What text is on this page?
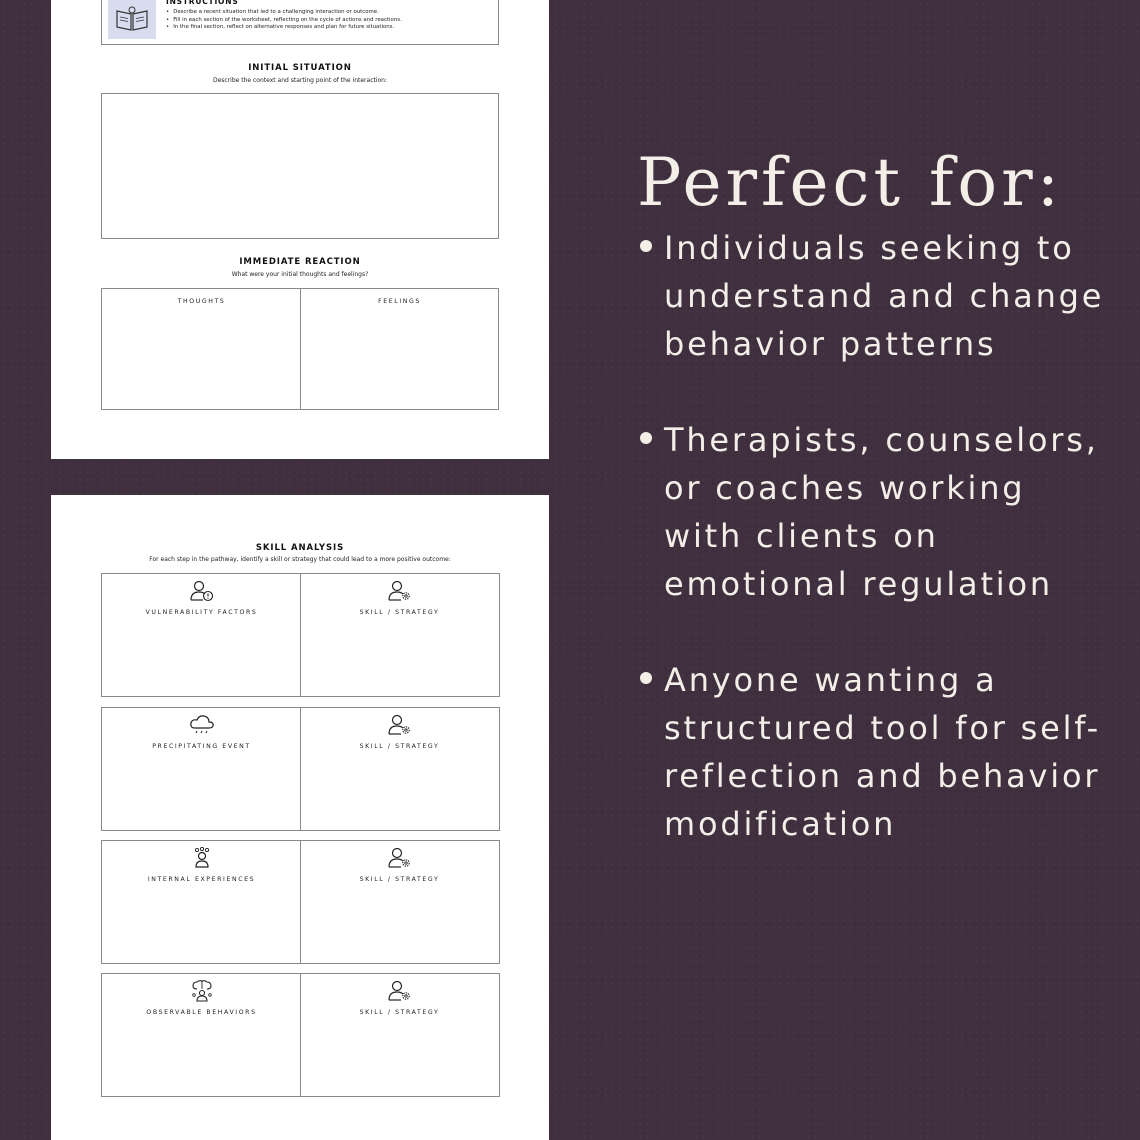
INSTRUCTIONS
• Describe a recent situation that led to a challenging interaction or outcome.
• Fill in each section of the worksheet, reflecting on the cycle of actions and reactions.
• In the final section, reflect on alternative responses and plan for future situations.
INITIAL SITUATION
Describe the context and starting point of the interaction:
IMMEDIATE REACTION
What were your initial thoughts and feelings?
THOUGHTS	FEELINGS
SKILL ANALYSIS
For each step in the pathway, identify a skill or strategy that could lead to a more positive outcome:
VULNERABILITY FACTORS	SKILL / STRATEGY
PRECIPITATING EVENT	SKILL / STRATEGY
INTERNAL EXPERIENCES	SKILL / STRATEGY
OBSERVABLE BEHAVIORS	SKILL / STRATEGY
Perfect for:
Individuals seeking to understand and change behavior patterns
Therapists, counselors, or coaches working with clients on emotional regulation
Anyone wanting a structured tool for self-reflection and behavior modification
